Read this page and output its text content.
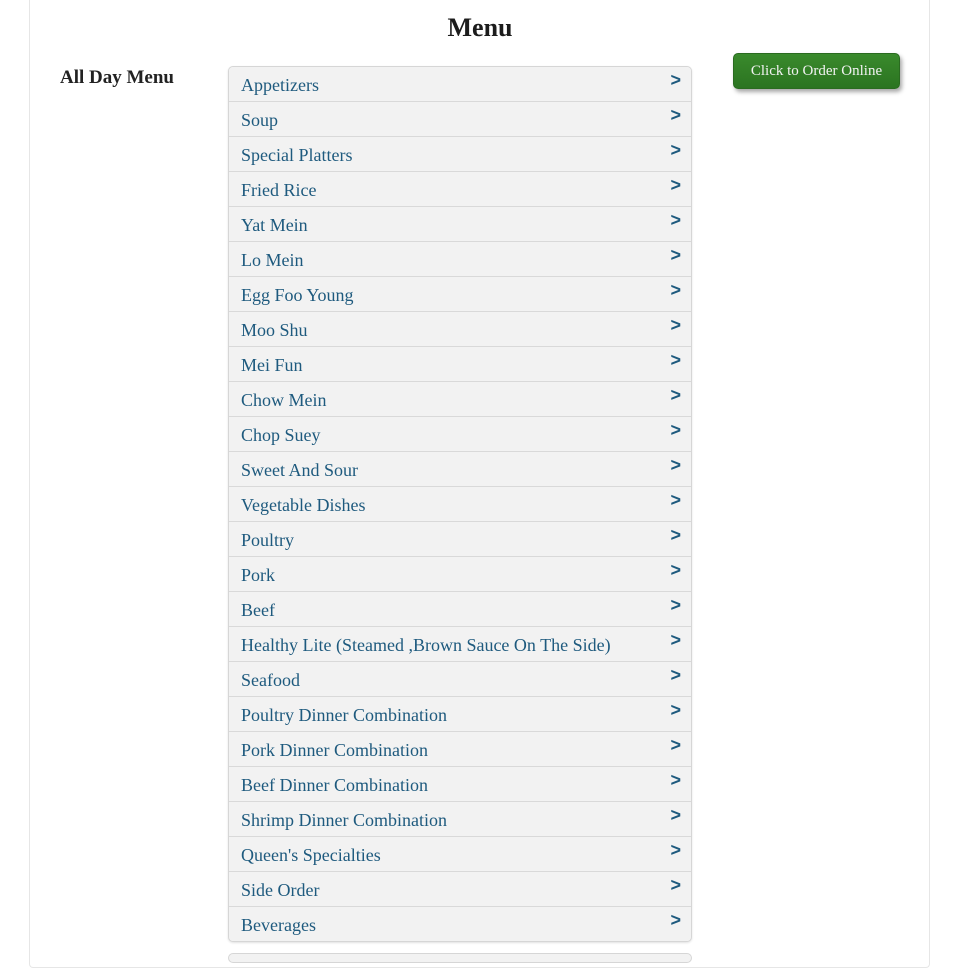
Menu
All Day Menu	Appetizers	>
Soup	>
Special Platters	>
Fried Rice	>
Yat Mein	>
Lo Mein	>
Egg Foo Young	>
Moo Shu	>
Mei Fun	>
Chow Mein	>
Chop Suey	>
Sweet And Sour	>
Vegetable Dishes	>
Poultry	>
Pork	>
Beef	>
Healthy Lite (Steamed ,Brown Sauce On The Side)	>
Seafood	>
Poultry Dinner Combination	>
Pork Dinner Combination	>
Beef Dinner Combination	>
Shrimp Dinner Combination	>
Queen's Specialties	>
Side Order	>
Beverages	>
Click to Order Online
